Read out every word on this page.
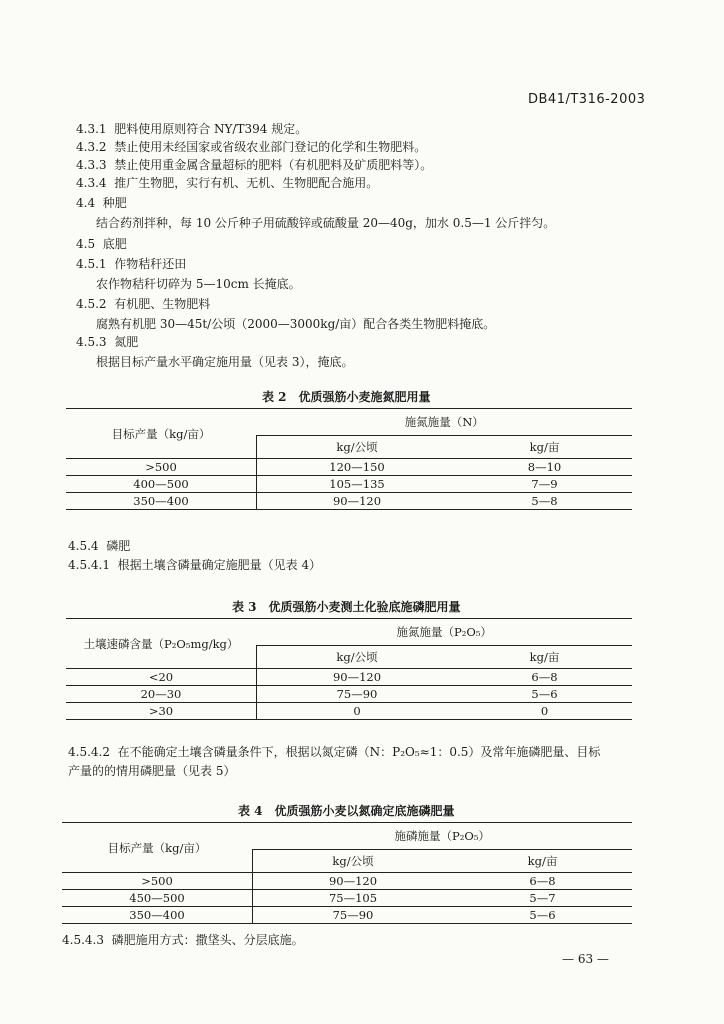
DB41/T316-2003
4.3.1 肥料使用原则符合 NY/T394 规定。
4.3.2 禁止使用未经国家或省级农业部门登记的化学和生物肥料。
4.3.3 禁止使用重金属含量超标的肥料（有机肥料及矿质肥料等）。
4.3.4 推广生物肥，实行有机、无机、生物肥配合施用。
4.4 种肥
结合药剂拌种，每 10 公斤种子用硫酸锌或硫酸量 20—40g，加水 0.5—1 公斤拌匀。
4.5 底肥
4.5.1 作物秸秆还田
农作物秸秆切碎为 5—10cm 长掩底。
4.5.2 有机肥、生物肥料
腐熟有机肥 30—45t/公顷（2000—3000kg/亩）配合各类生物肥料掩底。
4.5.3 氮肥
根据目标产量水平确定施用量（见表 3），掩底。
表 2　优质强筋小麦施氮肥用量
目标产量（kg/亩）	施氮施量（N）	
	kg/公顷	kg/亩
>500	120—150	8—10
400—500	105—135	7—9
350—400	90—120	5—8
4.5.4 磷肥
4.5.4.1 根据土壤含磷量确定施肥量（见表 4）
表 3　优质强筋小麦测土化验底施磷肥用量
土壤速磷含量（P₂O₅mg/kg）	施氮施量（P₂O₅）	
	kg/公顷	kg/亩
<20	90—120	6—8
20—30	75—90	5—6
>30	0	0
4.5.4.2 在不能确定土壤含磷量条件下，根据以氮定磷（N：P₂O₅≈1：0.5）及常年施磷肥量、目标
产量的的情用磷肥量（见表 5）
表 4　优质强筋小麦以氮确定底施磷肥量
目标产量（kg/亩）	施磷施量（P₂O₅）	
	kg/公顷	kg/亩
>500	90—120	6—8
450—500	75—105	5—7
350—400	75—90	5—6
4.5.4.3 磷肥施用方式：撒垡头、分层底施。
— 63 —
